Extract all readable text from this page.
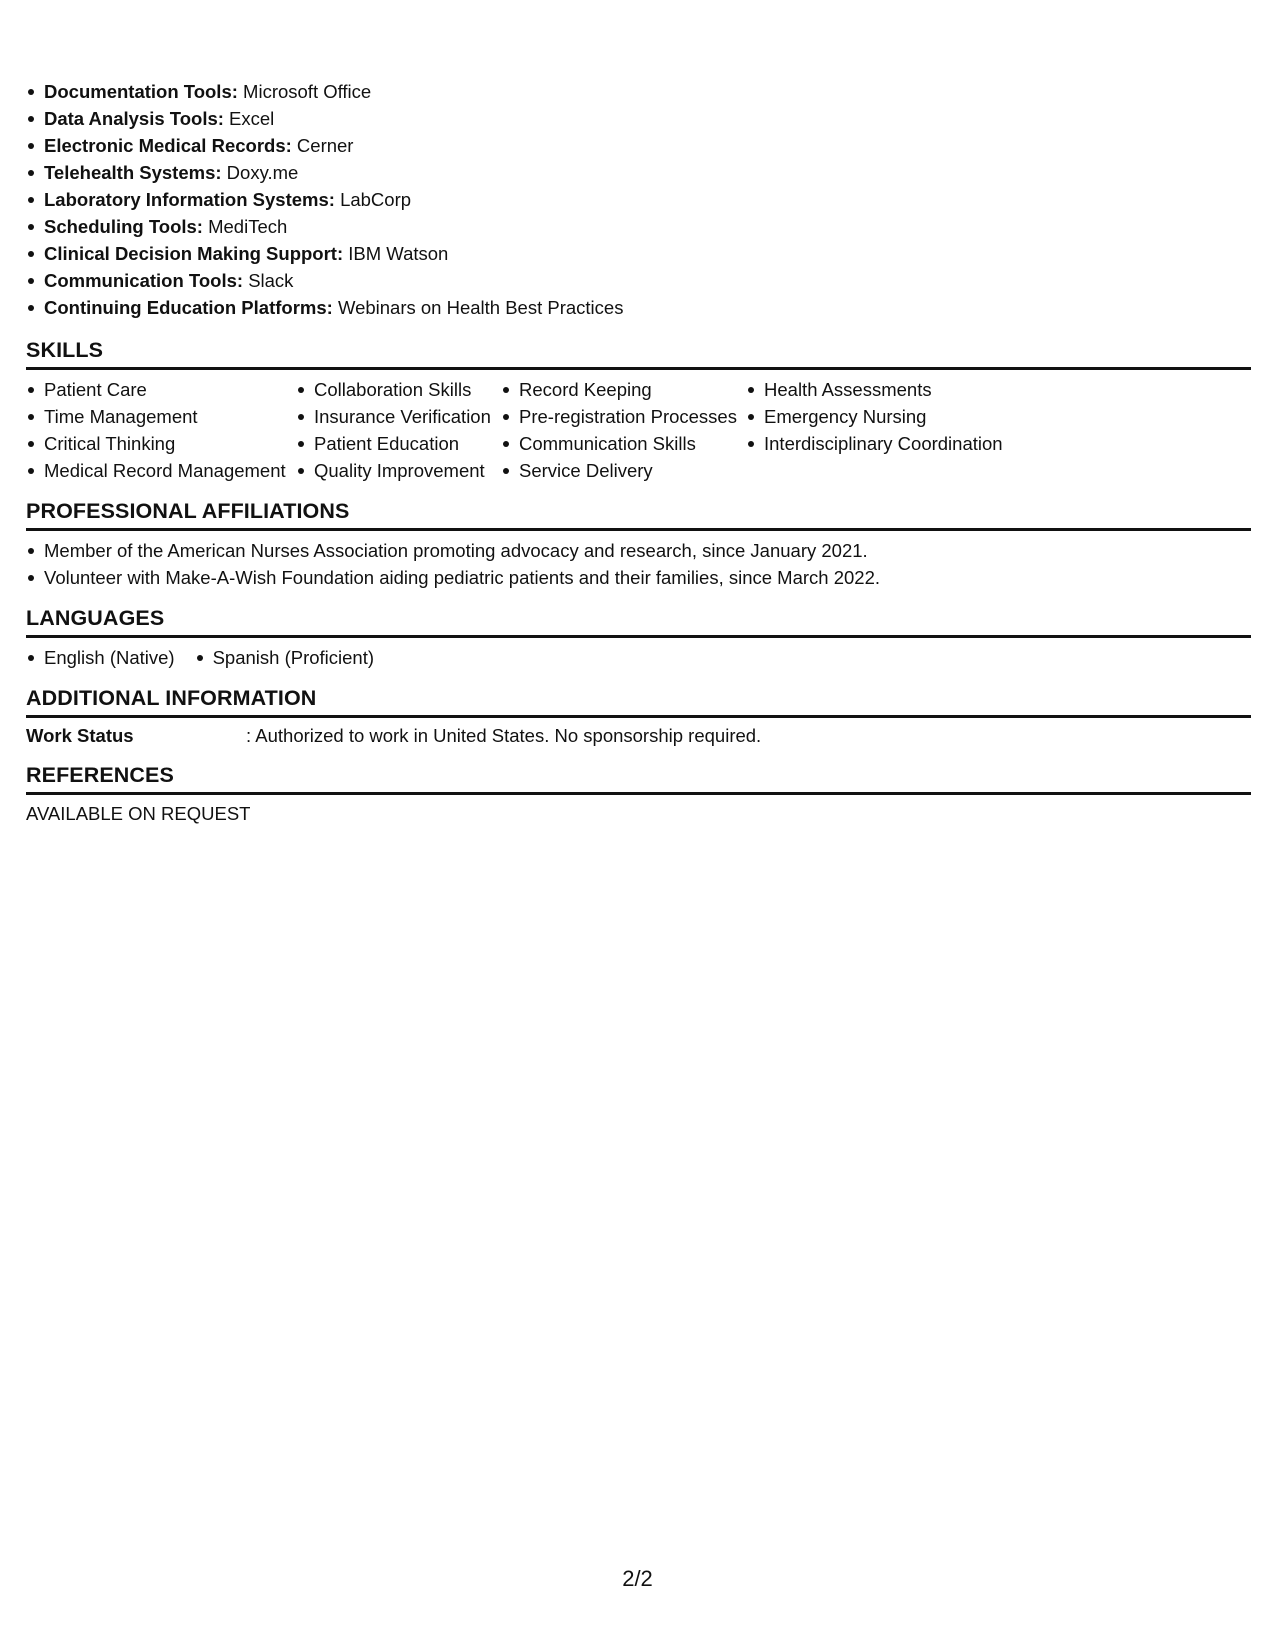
Documentation Tools: Microsoft Office
Data Analysis Tools: Excel
Electronic Medical Records: Cerner
Telehealth Systems: Doxy.me
Laboratory Information Systems: LabCorp
Scheduling Tools: MediTech
Clinical Decision Making Support: IBM Watson
Communication Tools: Slack
Continuing Education Platforms: Webinars on Health Best Practices
SKILLS
Patient Care
Time Management
Critical Thinking
Medical Record Management
Collaboration Skills
Insurance Verification
Patient Education
Quality Improvement
Record Keeping
Pre-registration Processes
Communication Skills
Service Delivery
Health Assessments
Emergency Nursing
Interdisciplinary Coordination
PROFESSIONAL AFFILIATIONS
Member of the American Nurses Association promoting advocacy and research, since January 2021.
Volunteer with Make-A-Wish Foundation aiding pediatric patients and their families, since March 2022.
LANGUAGES
English (Native)	Spanish (Proficient)
ADDITIONAL INFORMATION
Work Status	: Authorized to work in United States. No sponsorship required.
REFERENCES
AVAILABLE ON REQUEST
2/2
